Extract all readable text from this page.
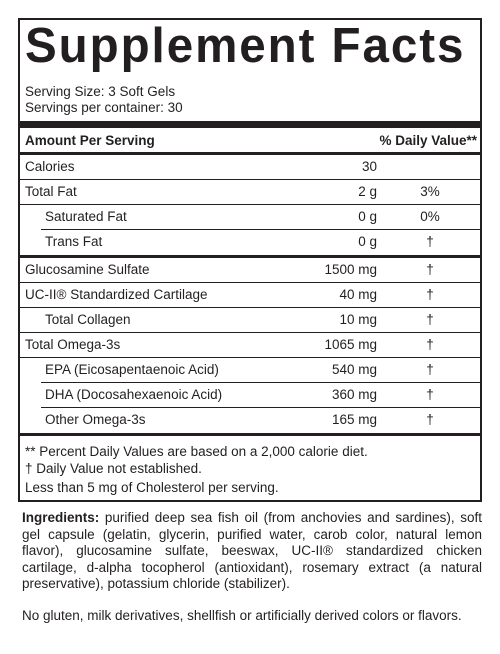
Supplement Facts
Serving Size: 3 Soft Gels
Servings per container: 30
Amount Per Serving	% Daily Value**
Calories	30
Total Fat	2 g	3%
Saturated Fat	0 g	0%
Trans Fat	0 g	†
Glucosamine Sulfate	1500 mg	†
UC-II® Standardized Cartilage	40 mg	†
Total Collagen	10 mg	†
Total Omega-3s	1065 mg	†
EPA (Eicosapentaenoic Acid)	540 mg	†
DHA (Docosahexaenoic Acid)	360 mg	†
Other Omega-3s	165 mg	†
** Percent Daily Values are based on a 2,000 calorie diet.
† Daily Value not established.
Less than 5 mg of Cholesterol per serving.

Ingredients: purified deep sea fish oil (from anchovies and sardines), soft gel capsule (gelatin, glycerin, purified water, carob color, natural lemon flavor), glucosamine sulfate, beeswax, UC-II® standardized chicken cartilage, d-alpha tocopherol (antioxidant), rosemary extract (a natural preservative), potassium chloride (stabilizer).

No gluten, milk derivatives, shellfish or artificially derived colors or flavors.
